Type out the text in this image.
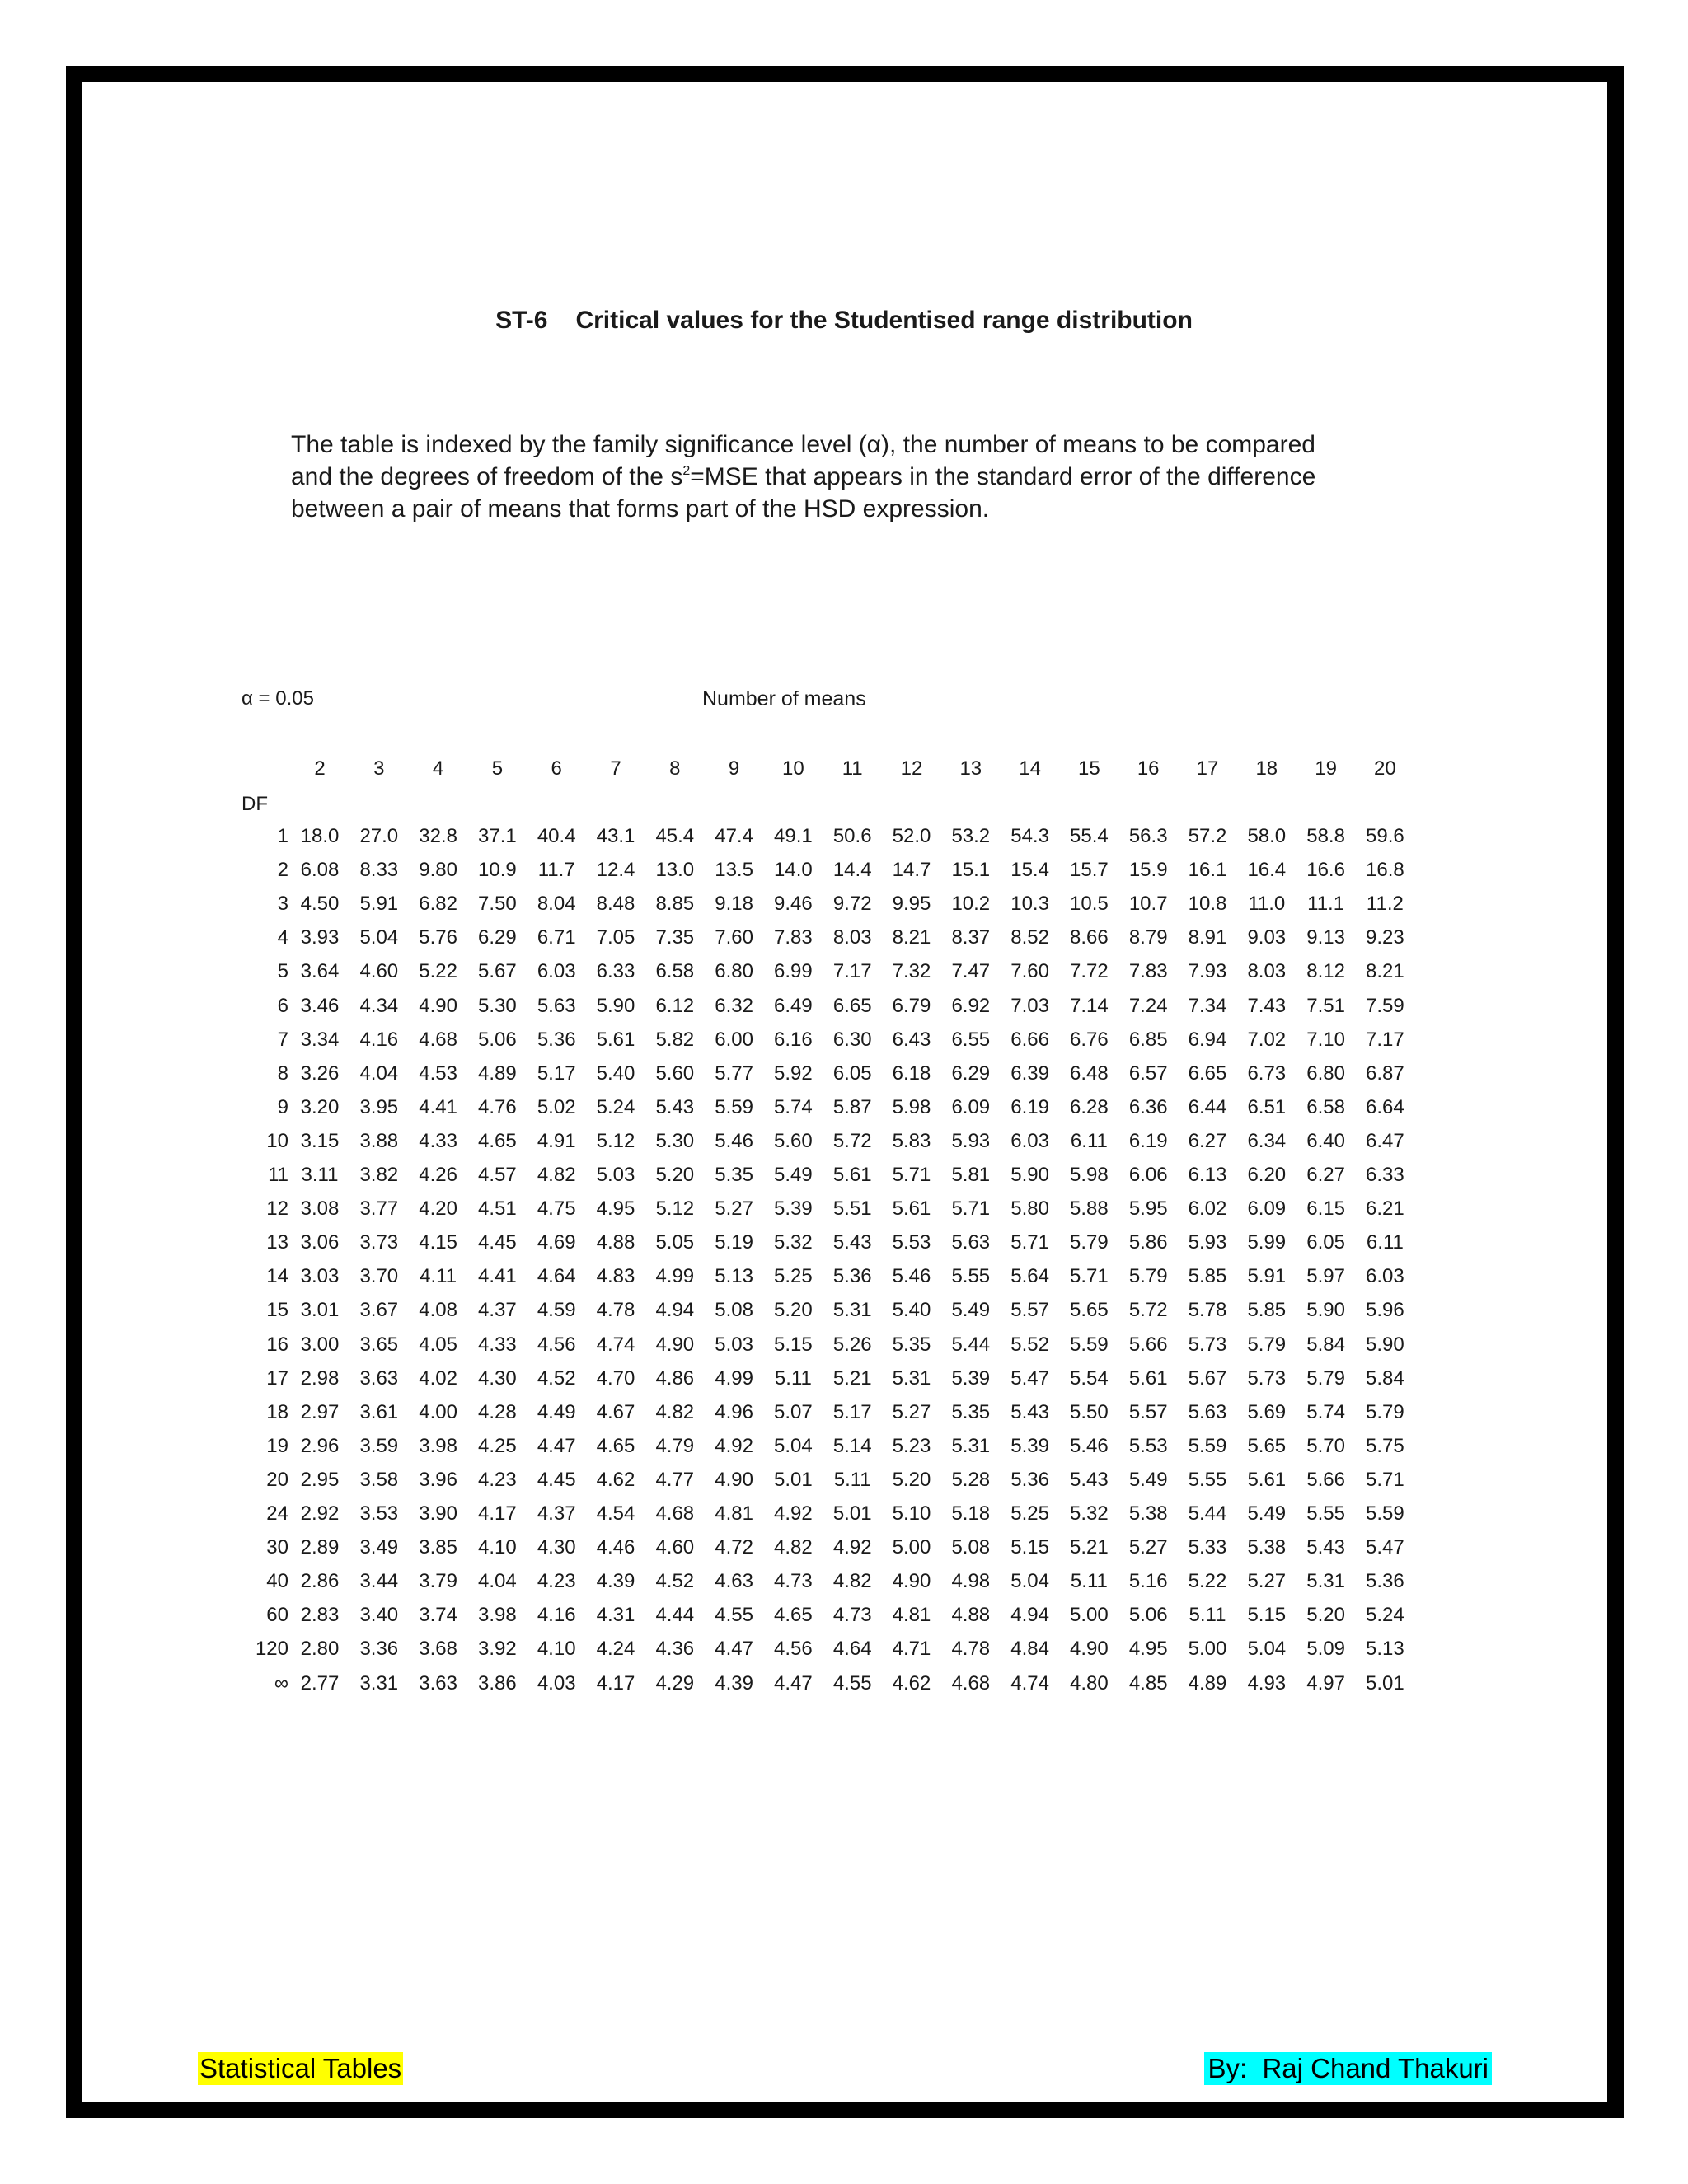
ST-6 Critical values for the Studentised range distribution
The table is indexed by the family significance level (α), the number of means to be compared
and the degrees of freedom of the $s^2=MSE$ that appears in the standard error of the difference
between a pair of means that forms part of the HSD expression.
α = 0.05	Number of means
DF
2	3	4	5	6	7	8	9	10	11	12	13	14	15	16	17	18	19	20
1 18.0	27.0	32.8	37.1	40.4	43.1	45.4	47.4	49.1	50.6	52.0	53.2	54.3	55.4	56.3	57.2	58.0	58.8	59.6
2 6.08	8.33	9.80	10.9	11.7	12.4	13.0	13.5	14.0	14.4	14.7	15.1	15.4	15.7	15.9	16.1	16.4	16.6	16.8
3 4.50	5.91	6.82	7.50	8.04	8.48	8.85	9.18	9.46	9.72	9.95	10.2	10.3	10.5	10.7	10.8	11.0	11.1	11.2
4 3.93	5.04	5.76	6.29	6.71	7.05	7.35	7.60	7.83	8.03	8.21	8.37	8.52	8.66	8.79	8.91	9.03	9.13	9.23
5 3.64	4.60	5.22	5.67	6.03	6.33	6.58	6.80	6.99	7.17	7.32	7.47	7.60	7.72	7.83	7.93	8.03	8.12	8.21
6 3.46	4.34	4.90	5.30	5.63	5.90	6.12	6.32	6.49	6.65	6.79	6.92	7.03	7.14	7.24	7.34	7.43	7.51	7.59
7 3.34	4.16	4.68	5.06	5.36	5.61	5.82	6.00	6.16	6.30	6.43	6.55	6.66	6.76	6.85	6.94	7.02	7.10	7.17
8 3.26	4.04	4.53	4.89	5.17	5.40	5.60	5.77	5.92	6.05	6.18	6.29	6.39	6.48	6.57	6.65	6.73	6.80	6.87
9 3.20	3.95	4.41	4.76	5.02	5.24	5.43	5.59	5.74	5.87	5.98	6.09	6.19	6.28	6.36	6.44	6.51	6.58	6.64
10 3.15	3.88	4.33	4.65	4.91	5.12	5.30	5.46	5.60	5.72	5.83	5.93	6.03	6.11	6.19	6.27	6.34	6.40	6.47
11 3.11	3.82	4.26	4.57	4.82	5.03	5.20	5.35	5.49	5.61	5.71	5.81	5.90	5.98	6.06	6.13	6.20	6.27	6.33
12 3.08	3.77	4.20	4.51	4.75	4.95	5.12	5.27	5.39	5.51	5.61	5.71	5.80	5.88	5.95	6.02	6.09	6.15	6.21
13 3.06	3.73	4.15	4.45	4.69	4.88	5.05	5.19	5.32	5.43	5.53	5.63	5.71	5.79	5.86	5.93	5.99	6.05	6.11
14 3.03	3.70	4.11	4.41	4.64	4.83	4.99	5.13	5.25	5.36	5.46	5.55	5.64	5.71	5.79	5.85	5.91	5.97	6.03
15 3.01	3.67	4.08	4.37	4.59	4.78	4.94	5.08	5.20	5.31	5.40	5.49	5.57	5.65	5.72	5.78	5.85	5.90	5.96
16 3.00	3.65	4.05	4.33	4.56	4.74	4.90	5.03	5.15	5.26	5.35	5.44	5.52	5.59	5.66	5.73	5.79	5.84	5.90
17 2.98	3.63	4.02	4.30	4.52	4.70	4.86	4.99	5.11	5.21	5.31	5.39	5.47	5.54	5.61	5.67	5.73	5.79	5.84
18 2.97	3.61	4.00	4.28	4.49	4.67	4.82	4.96	5.07	5.17	5.27	5.35	5.43	5.50	5.57	5.63	5.69	5.74	5.79
19 2.96	3.59	3.98	4.25	4.47	4.65	4.79	4.92	5.04	5.14	5.23	5.31	5.39	5.46	5.53	5.59	5.65	5.70	5.75
20 2.95	3.58	3.96	4.23	4.45	4.62	4.77	4.90	5.01	5.11	5.20	5.28	5.36	5.43	5.49	5.55	5.61	5.66	5.71
24 2.92	3.53	3.90	4.17	4.37	4.54	4.68	4.81	4.92	5.01	5.10	5.18	5.25	5.32	5.38	5.44	5.49	5.55	5.59
30 2.89	3.49	3.85	4.10	4.30	4.46	4.60	4.72	4.82	4.92	5.00	5.08	5.15	5.21	5.27	5.33	5.38	5.43	5.47
40 2.86	3.44	3.79	4.04	4.23	4.39	4.52	4.63	4.73	4.82	4.90	4.98	5.04	5.11	5.16	5.22	5.27	5.31	5.36
60 2.83	3.40	3.74	3.98	4.16	4.31	4.44	4.55	4.65	4.73	4.81	4.88	4.94	5.00	5.06	5.11	5.15	5.20	5.24
120 2.80	3.36	3.68	3.92	4.10	4.24	4.36	4.47	4.56	4.64	4.71	4.78	4.84	4.90	4.95	5.00	5.04	5.09	5.13
∞ 2.77	3.31	3.63	3.86	4.03	4.17	4.29	4.39	4.47	4.55	4.62	4.68	4.74	4.80	4.85	4.89	4.93	4.97	5.01
Statistical Tables	By:  Raj Chand Thakuri
